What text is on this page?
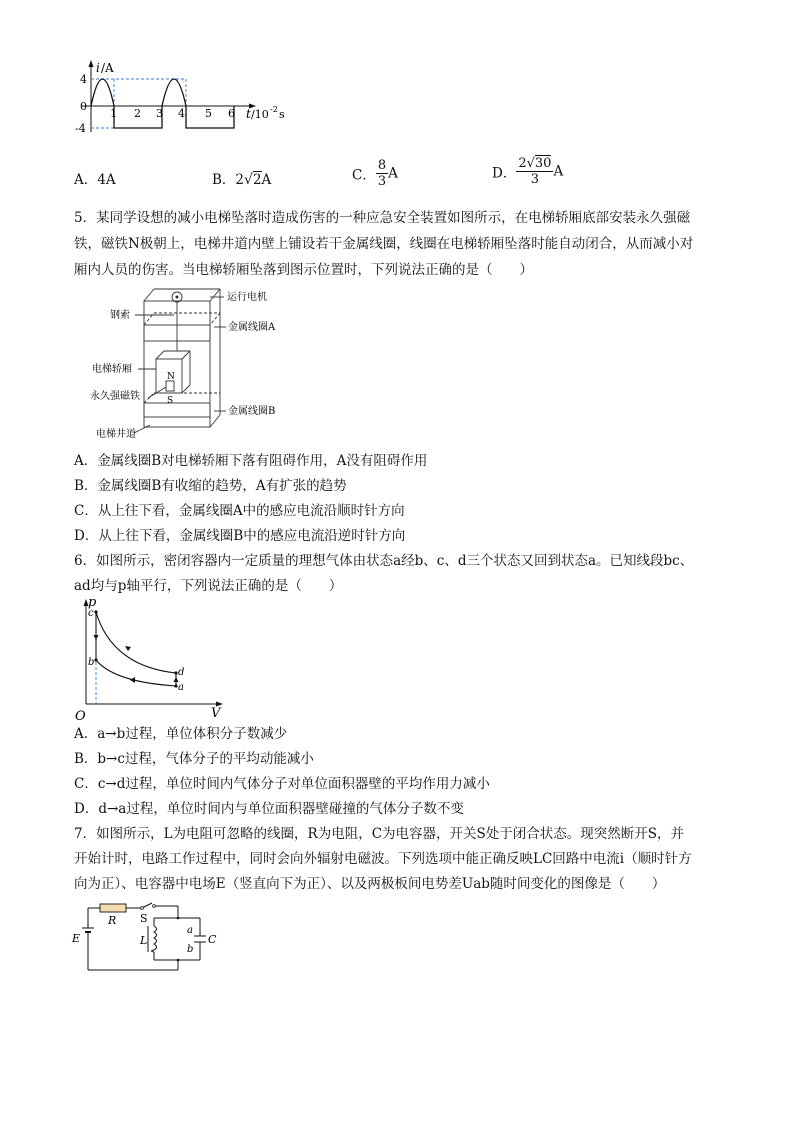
i /A
4
0
-4
1 2 3 4 5 6 t /10 -2 s
A．4A	B．2√2A	C． $\frac{8}{3}$ A	D． $\frac{2√30}{3}$ A
5．某同学设想的减小电梯坠落时造成伤害的一种应急安全装置如图所示，在电梯轿厢底部安装永久强磁
铁，磁铁N极朝上，电梯井道内壁上铺设若干金属线圈，线圈在电梯轿厢坠落时能自动闭合，从而减小对
厢内人员的伤害。当电梯轿厢坠落到图示位置时，下列说法正确的是（　　）
运行电机
钢索
金属线圈A
电梯轿厢
N
S
永久强磁铁
金属线圈B
电梯井道
A．金属线圈B对电梯轿厢下落有阻碍作用，A没有阻碍作用
B．金属线圈B有收缩的趋势，A有扩张的趋势
C．从上往下看，金属线圈A中的感应电流沿顺时针方向
D．从上往下看，金属线圈B中的感应电流沿逆时针方向
6．如图所示，密闭容器内一定质量的理想气体由状态a经b、c、d三个状态又回到状态a。已知线段bc、
ad均与p轴平行，下列说法正确的是（　　）
p
V
O
c
b
d
a
A．a→b过程，单位体积分子数减少
B．b→c过程，气体分子的平均动能减小
C．c→d过程，单位时间内气体分子对单位面积器壁的平均作用力减小
D．d→a过程，单位时间内与单位面积器壁碰撞的气体分子数不变
7．如图所示，L为电阻可忽略的线圈，R为电阻，C为电容器，开关S处于闭合状态。现突然断开S，并
开始计时，电路工作过程中，同时会向外辐射电磁波。下列选项中能正确反映LC回路中电流i（顺时针方
向为正）、电容器中电场E（竖直向下为正）、以及两极板间电势差Uab随时间变化的图像是（　　）
R S
E	L
a
b
C
